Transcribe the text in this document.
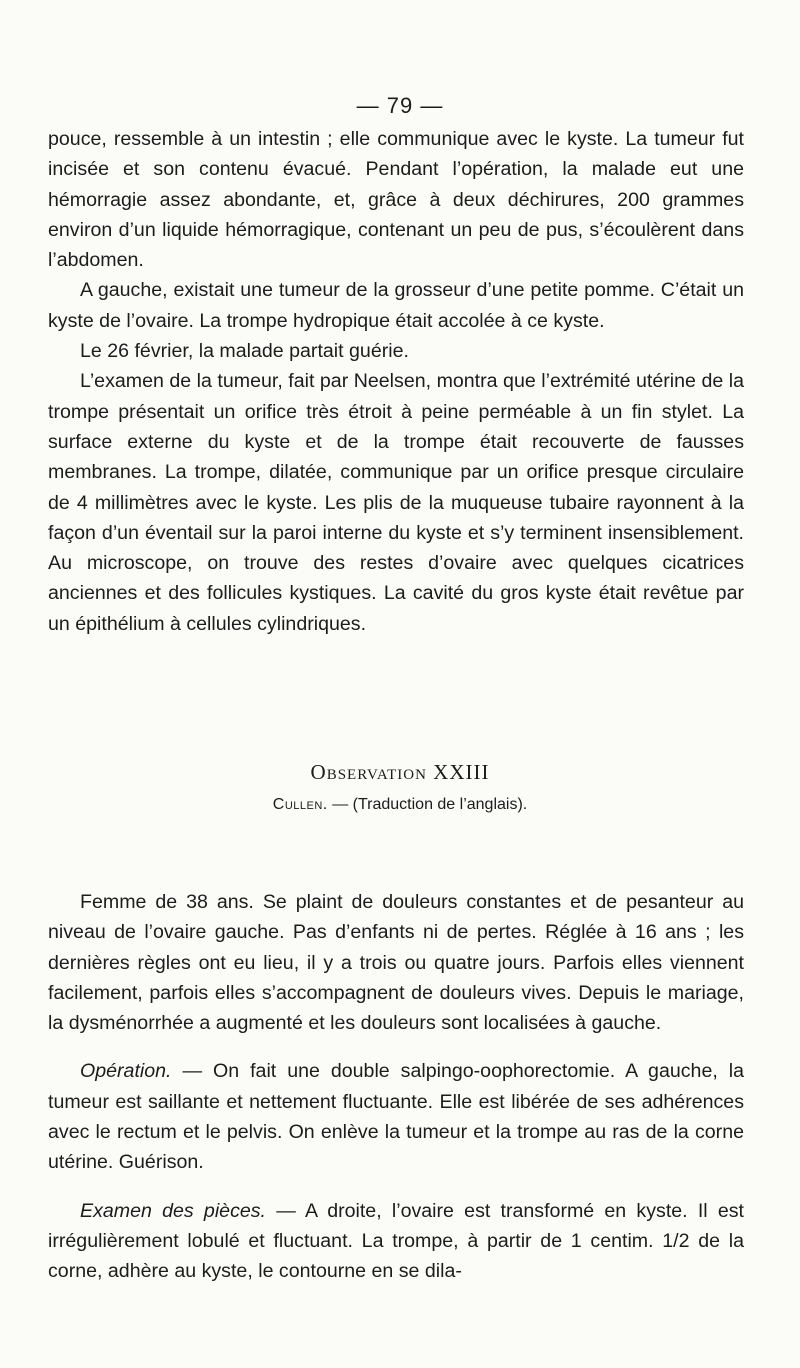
— 79 —

pouce, ressemble à un intestin ; elle communique avec le kyste. La tumeur fut incisée et son contenu évacué. Pendant l’opération, la malade eut une hémorragie assez abondante, et, grâce à deux déchirures, 200 grammes environ d’un liquide hémorragique, contenant un peu de pus, s’écoulèrent dans l’abdomen.

A gauche, existait une tumeur de la grosseur d’une petite pomme. C’était un kyste de l’ovaire. La trompe hydropique était accolée à ce kyste.

Le 26 février, la malade partait guérie.

L’examen de la tumeur, fait par Neelsen, montra que l’extrémité utérine de la trompe présentait un orifice très étroit à peine perméable à un fin stylet. La surface externe du kyste et de la trompe était recouverte de fausses membranes. La trompe, dilatée, communique par un orifice presque circulaire de 4 millimètres avec le kyste. Les plis de la muqueuse tubaire rayonnent à la façon d’un éventail sur la paroi interne du kyste et s’y terminent insensiblement. Au microscope, on trouve des restes d’ovaire avec quelques cicatrices anciennes et des follicules kystiques. La cavité du gros kyste était revêtue par un épithélium à cellules cylindriques.

Observation XXIII
Cullen. — (Traduction de l’anglais).

Femme de 38 ans. Se plaint de douleurs constantes et de pesanteur au niveau de l’ovaire gauche. Pas d’enfants ni de pertes. Réglée à 16 ans ; les dernières règles ont eu lieu, il y a trois ou quatre jours. Parfois elles viennent facilement, parfois elles s’accompagnent de douleurs vives. Depuis le mariage, la dysménorrhée a augmenté et les douleurs sont localisées à gauche.

Opération. — On fait une double salpingo-oophorectomie. A gauche, la tumeur est saillante et nettement fluctuante. Elle est libérée de ses adhérences avec le rectum et le pelvis. On enlève la tumeur et la trompe au ras de la corne utérine. Guérison.

Examen des pièces. — A droite, l’ovaire est transformé en kyste. Il est irrégulièrement lobulé et fluctuant. La trompe, à partir de 1 centim. 1/2 de la corne, adhère au kyste, le contourne en se dila-
